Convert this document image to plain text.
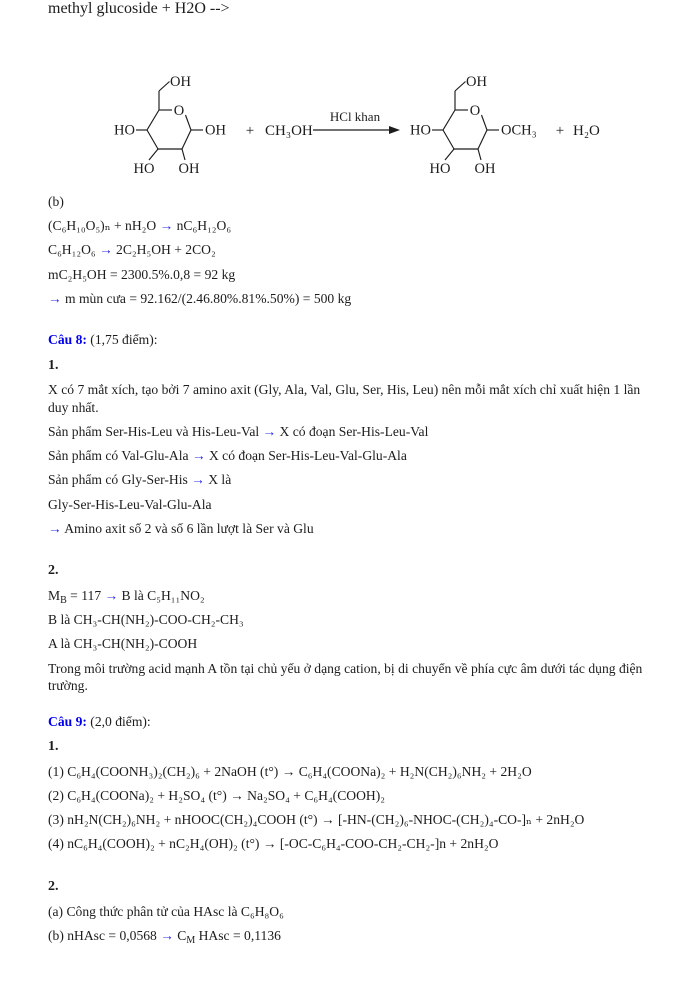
methyl glucoside + H2O -->
OH
O
HO	OH
HO OH
+ CH₃OH
HCl khan
OH
O
HO	OCH₃
HO OH
+ H₂O
(b)
(C₆H₁₀O₅)ₙ + nH₂O → nC₆H₁₂O₆
C₆H₁₂O₆ → 2C₂H₅OH + 2CO₂
mC₂H₅OH = 2300.5%.0,8 = 92 kg
→ m mùn cưa = 92.162/(2.46.80%.81%.50%) = 500 kg
Câu 8: (1,75 điểm):
1.
X có 7 mắt xích, tạo bởi 7 amino axit (Gly, Ala, Val, Glu, Ser, His, Leu) nên mỗi mắt xích chỉ xuất hiện 1 lần duy nhất.
Sản phẩm Ser-His-Leu và His-Leu-Val → X có đoạn Ser-His-Leu-Val
Sản phẩm có Val-Glu-Ala → X có đoạn Ser-His-Leu-Val-Glu-Ala
Sản phẩm có Gly-Ser-His → X là
Gly-Ser-His-Leu-Val-Glu-Ala
→ Amino axit số 2 và số 6 lần lượt là Ser và Glu
2.
$M_B = 117 \to B$ là C₅H₁₁NO₂
B là CH₃-CH(NH₂)-COO-CH₂-CH₃
A là CH₃-CH(NH₂)-COOH
Trong môi trường acid mạnh A tồn tại chủ yếu ở dạng cation, bị di chuyển về phía cực âm dưới tác dụng điện trường.
Câu 9: (2,0 điểm):
1.
(1) C₆H₄(COONH₃)₂(CH₂)₆ + 2NaOH (t°) → C₆H₄(COONa)₂ + H₂N(CH₂)₆NH₂ + 2H₂O
(2) C₆H₄(COONa)₂ + H₂SO₄ (t°) → Na₂SO₄ + C₆H₄(COOH)₂
(3) nH₂N(CH₂)₆NH₂ + nHOOC(CH₂)₄COOH (t°) → [-HN-(CH₂)₆-NHOC-(CH₂)₄-CO-]ₙ + 2nH₂O
(4) nC₆H₄(COOH)₂ + nC₂H₄(OH)₂ (t°) → [-OC-C₆H₄-COO-CH₂-CH₂-]n + 2nH₂O
2.
(a) Công thức phân tử của HAsc là C₆H₈O₆
(b) nHAsc = $0,0568 \to C_M$ HAsc = 0,1136
